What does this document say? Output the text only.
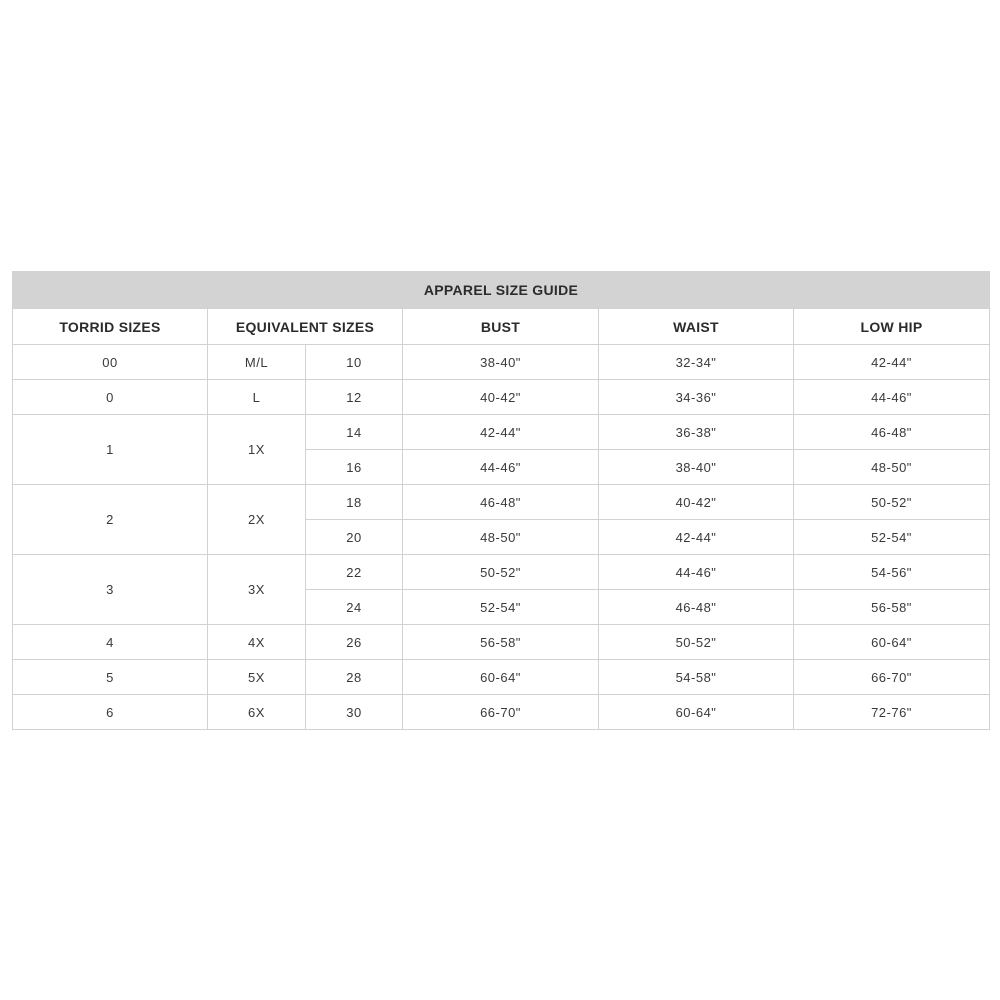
APPAREL SIZE GUIDE					
TORRID SIZES	EQUIVALENT SIZES		BUST	WAIST	LOW HIP
00	M/L	10	38-40"	32-34"	42-44"
0	L	12	40-42"	34-36"	44-46"
1	1X	14	42-44"	36-38"	46-48"
		16	44-46"	38-40"	48-50"
2	2X	18	46-48"	40-42"	50-52"
		20	48-50"	42-44"	52-54"
3	3X	22	50-52"	44-46"	54-56"
		24	52-54"	46-48"	56-58"
4	4X	26	56-58"	50-52"	60-64"
5	5X	28	60-64"	54-58"	66-70"
6	6X	30	66-70"	60-64"	72-76"
